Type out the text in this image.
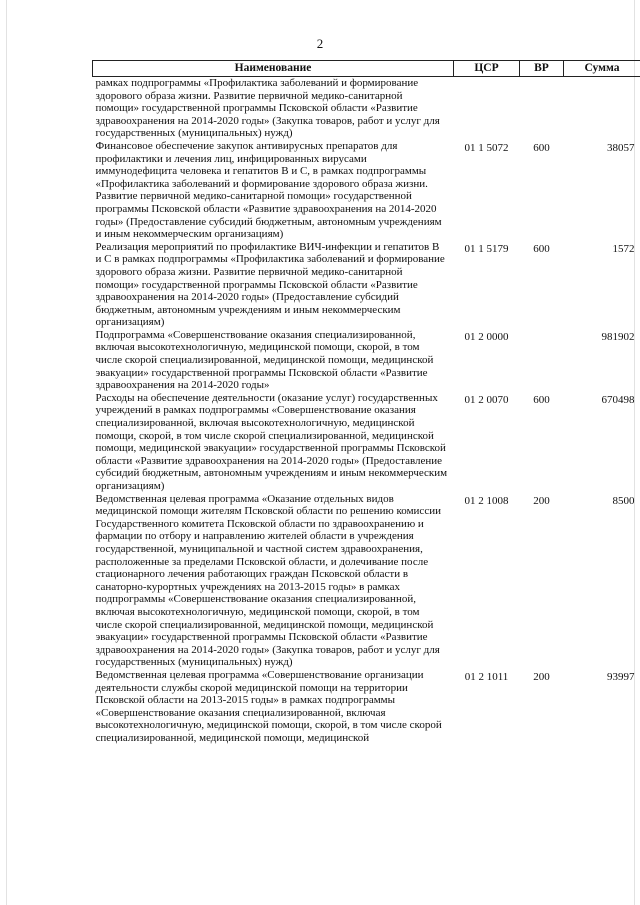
2
Наименование	ЦСР	ВР	Сумма
рамках подпрограммы «Профилактика заболеваний и формирование здорового образа жизни. Развитие первичной медико-санитарной помощи» государственной программы Псковской области «Развитие здравоохранения на 2014-2020 годы» (Закупка товаров, работ и услуг для государственных (муниципальных) нужд)			
Финансовое обеспечение закупок антивирусных препаратов для профилактики и лечения лиц, инфицированных вирусами иммунодефицита человека и гепатитов В и С, в рамках подпрограммы «Профилактика заболеваний и формирование здорового образа жизни. Развитие первичной медико-санитарной помощи» государственной программы Псковской области «Развитие здравоохранения на 2014-2020 годы» (Предоставление субсидий бюджетным, автономным учреждениям и иным некоммерческим организациям)	01 1 5072	600	38057
Реализация мероприятий по профилактике ВИЧ-инфекции и гепатитов В и С в рамках подпрограммы «Профилактика заболеваний и формирование здорового образа жизни. Развитие первичной медико-санитарной помощи» государственной программы Псковской области «Развитие здравоохранения на 2014-2020 годы» (Предоставление субсидий бюджетным, автономным учреждениям и иным некоммерческим организациям)	01 1 5179	600	1572
Подпрограмма «Совершенствование оказания специализированной, включая высокотехнологичную, медицинской помощи, скорой, в том числе скорой специализированной, медицинской помощи, медицинской эвакуации» государственной программы Псковской области «Развитие здравоохранения на 2014-2020 годы»	01 2 0000		981902
Расходы на обеспечение деятельности (оказание услуг) государственных учреждений в рамках подпрограммы «Совершенствование оказания специализированной, включая высокотехнологичную, медицинской помощи, скорой, в том числе скорой специализированной, медицинской помощи, медицинской эвакуации» государственной программы Псковской области «Развитие здравоохранения на 2014-2020 годы» (Предоставление субсидий бюджетным, автономным учреждениям и иным некоммерческим организациям)	01 2 0070	600	670498
Ведомственная целевая программа «Оказание отдельных видов медицинской помощи жителям Псковской области по решению комиссии Государственного комитета Псковской области по здравоохранению и фармации по отбору и направлению жителей области в учреждения государственной, муниципальной и частной систем здравоохранения, расположенные за пределами Псковской области, и долечивание после стационарного лечения работающих граждан Псковской области в санаторно-курортных учреждениях на 2013-2015 годы» в рамках подпрограммы «Совершенствование оказания специализированной, включая высокотехнологичную, медицинской помощи, скорой, в том числе скорой специализированной, медицинской помощи, медицинской эвакуации» государственной программы Псковской области «Развитие здравоохранения на 2014-2020 годы» (Закупка товаров, работ и услуг для государственных (муниципальных) нужд)	01 2 1008	200	8500
Ведомственная целевая программа «Совершенствование организации деятельности службы скорой медицинской помощи на территории Псковской области на 2013-2015 годы» в рамках подпрограммы «Совершенствование оказания специализированной, включая высокотехнологичную, медицинской помощи, скорой, в том числе скорой специализированной, медицинской помощи, медицинской	01 2 1011	200	93997
